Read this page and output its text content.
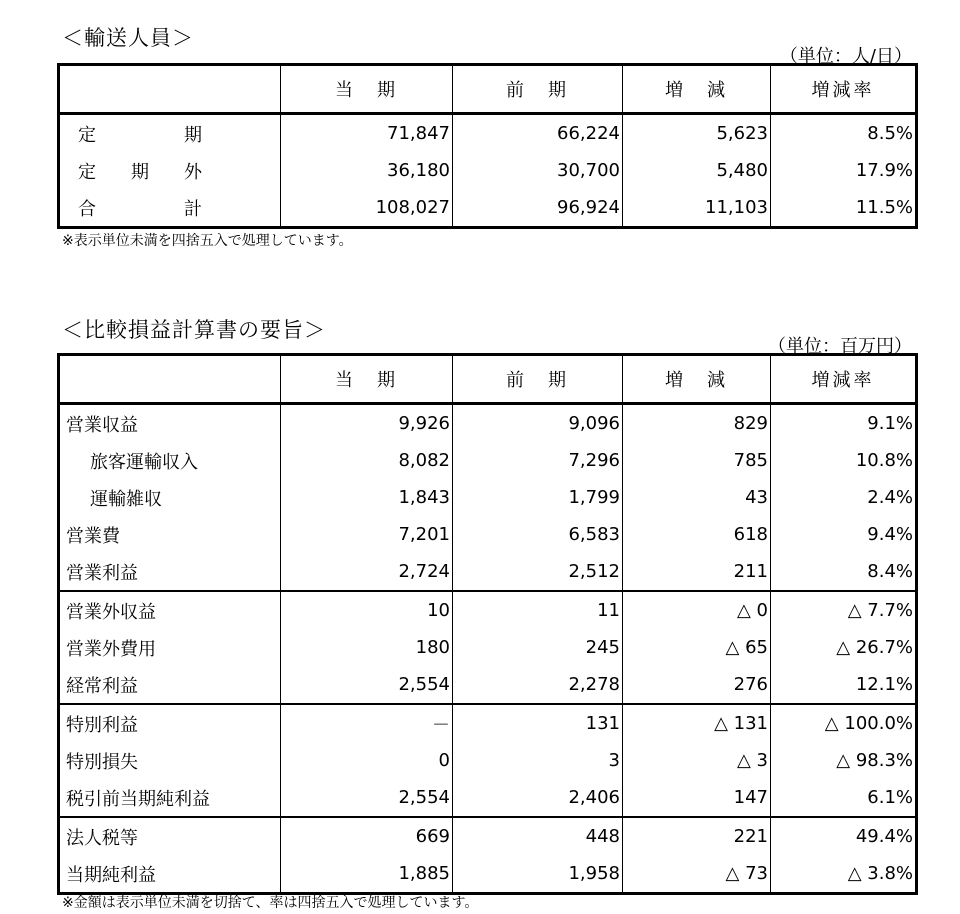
＜輸送人員＞
（単位：人/日）
	当　期	前　期	増　減	増減率
定　　　期	71,847	66,224	5,623	8.5%
定　期　外	36,180	30,700	5,480	17.9%
合　　　計	108,027	96,924	11,103	11.5%
※表示単位未満を四捨五入で処理しています。
＜比較損益計算書の要旨＞
（単位：百万円）
	当　期	前　期	増　減	増減率
営業収益	9,926	9,096	829	9.1%
旅客運輸収入	8,082	7,296	785	10.8%
運輸雑収	1,843	1,799	43	2.4%
営業費	7,201	6,583	618	9.4%
営業利益	2,724	2,512	211	8.4%
営業外収益	10	11	△ 0	△ 7.7%
営業外費用	180	245	△ 65	△ 26.7%
経常利益	2,554	2,278	276	12.1%
特別利益	－	131	△ 131	△ 100.0%
特別損失	0	3	△ 3	△ 98.3%
税引前当期純利益	2,554	2,406	147	6.1%
法人税等	669	448	221	49.4%
当期純利益	1,885	1,958	△ 73	△ 3.8%
※金額は表示単位未満を切捨て、率は四捨五入で処理しています。
